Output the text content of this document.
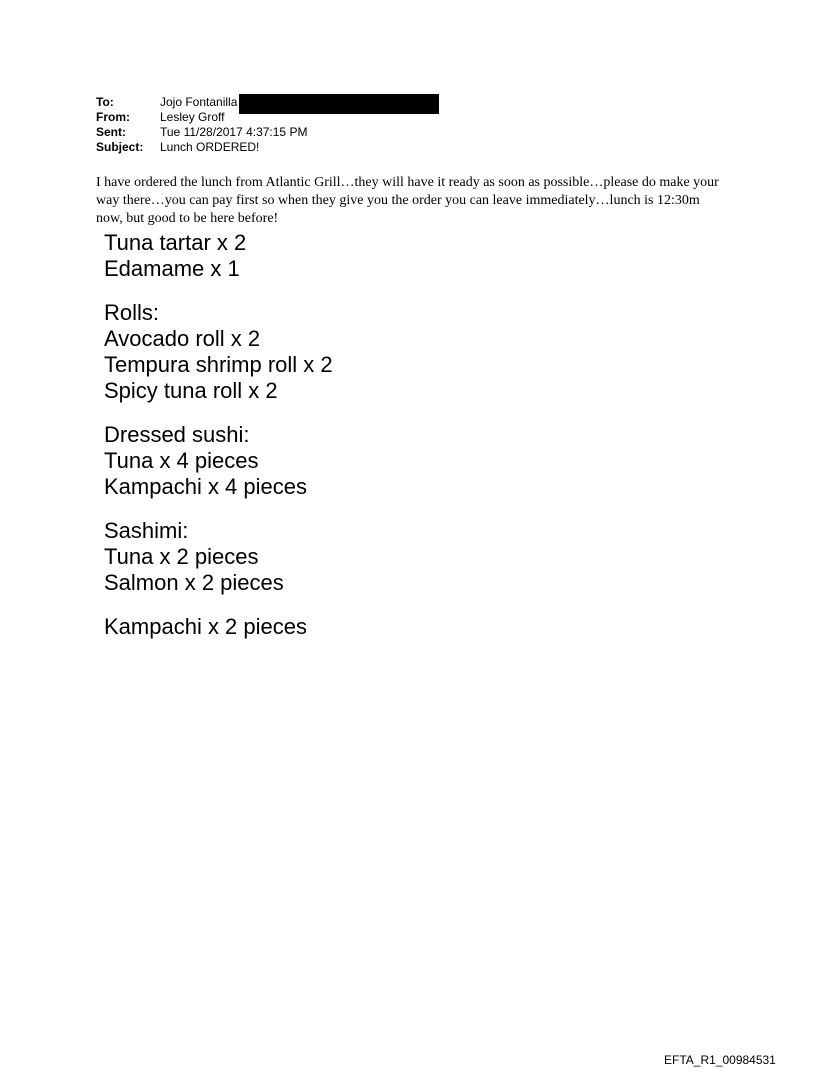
To:	Jojo Fontanilla
From:	Lesley Groff
Sent:	Tue 11/28/2017 4:37:15 PM
Subject:	Lunch ORDERED!

I have ordered the lunch from Atlantic Grill…they will have it ready as soon as possible…please do make your way there…you can pay first so when they give you the order you can leave immediately…lunch is 12:30m now, but good to be here before!

Tuna tartar x 2
Edamame x 1
Rolls:
Avocado roll x 2
Tempura shrimp roll x 2
Spicy tuna roll x 2
Dressed sushi:
Tuna x 4 pieces
Kampachi x 4 pieces
Sashimi:
Tuna x 2 pieces
Salmon x 2 pieces
Kampachi x 2 pieces
EFTA_R1_00984531
